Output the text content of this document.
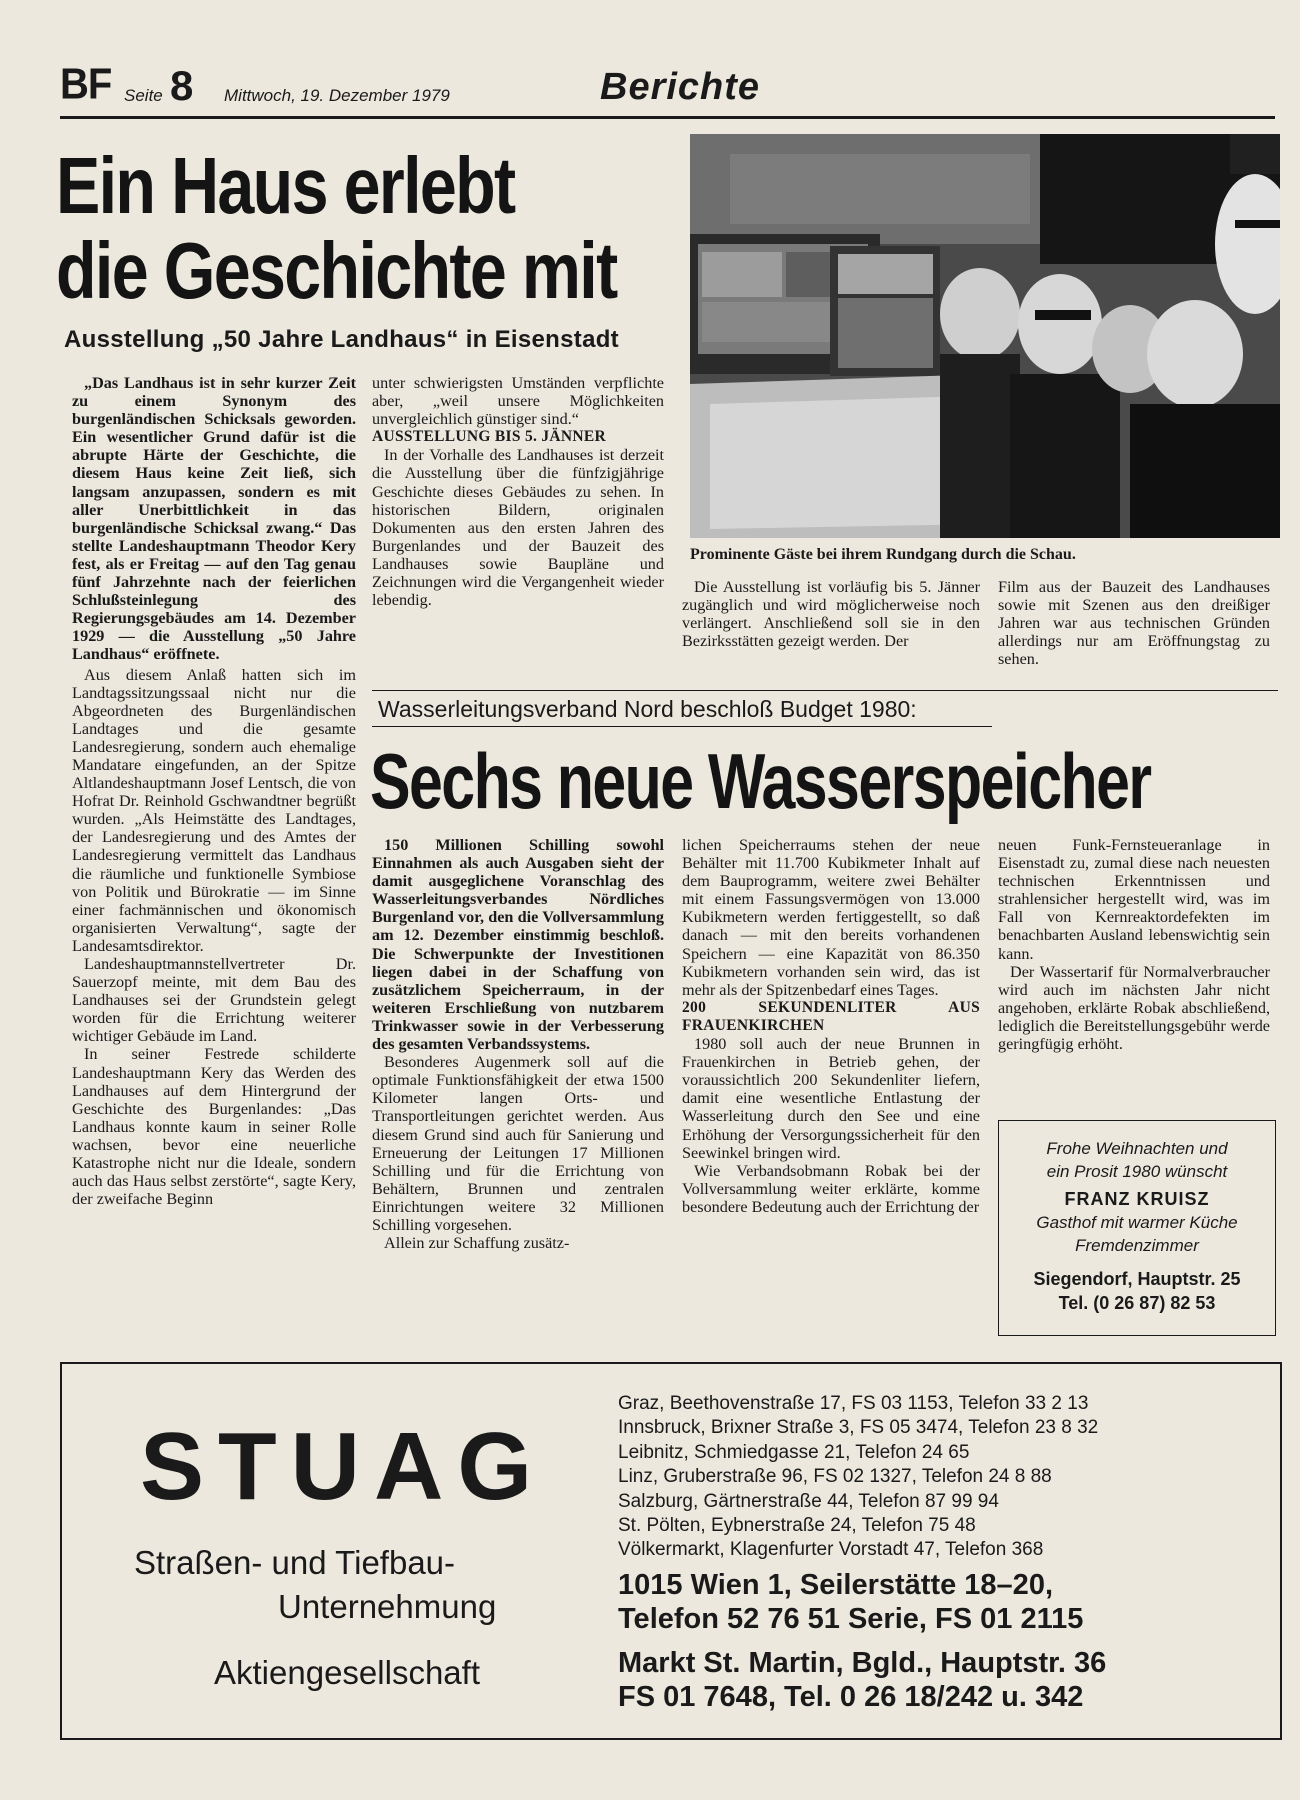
BF Seite 8 Mittwoch, 19. Dezember 1979	Berichte
Ein Haus erlebt
die Geschichte mit
Ausstellung „50 Jahre Landhaus“ in Eisenstadt

„Das Landhaus ist in sehr kurzer Zeit zu einem Synonym des burgenländischen Schicksals geworden. Ein wesentlicher Grund dafür ist die abrupte Härte der Geschichte, die diesem Haus keine Zeit ließ, sich langsam anzupassen, sondern es mit aller Unerbittlichkeit in das burgenländische Schicksal zwang.“ Das stellte Landeshauptmann Theodor Kery fest, als er Freitag — auf den Tag genau fünf Jahrzehnte nach der feierlichen Schlußsteinlegung des Regierungsgebäudes am 14. Dezember 1929 — die Ausstellung „50 Jahre Landhaus“ eröffnete.

Aus diesem Anlaß hatten sich im Landtagssitzungssaal nicht nur die Abgeordneten des Burgenländischen Landtages und die gesamte Landesregierung, sondern auch ehemalige Mandatare eingefunden, an der Spitze Altlandeshauptmann Josef Lentsch, die von Hofrat Dr. Reinhold Gschwandtner begrüßt wurden. „Als Heimstätte des Landtages, der Landesregierung und des Amtes der Landesregierung vermittelt das Landhaus die räumliche und funktionelle Symbiose von Politik und Bürokratie — im Sinne einer fachmännischen und ökonomisch organisierten Verwaltung“, sagte der Landesamtsdirektor.

Landeshauptmannstellvertreter Dr. Sauerzopf meinte, mit dem Bau des Landhauses sei der Grundstein gelegt worden für die Errichtung weiterer wichtiger Gebäude im Land.

In seiner Festrede schilderte Landeshauptmann Kery das Werden des Landhauses auf dem Hintergrund der Geschichte des Burgenlandes: „Das Landhaus konnte kaum in seiner Rolle wachsen, bevor eine neuerliche Katastrophe nicht nur die Ideale, sondern auch das Haus selbst zerstörte“, sagte Kery, der zweifache Beginn

unter schwierigsten Umständen verpflichte aber, „weil unsere Möglichkeiten unvergleichlich günstiger sind.“

AUSSTELLUNG BIS 5. JÄNNER

In der Vorhalle des Landhauses ist derzeit die Ausstellung über die fünfzigjährige Geschichte dieses Gebäudes zu sehen. In historischen Bildern, originalen Dokumenten aus den ersten Jahren des Burgenlandes und der Bauzeit des Landhauses sowie Baupläne und Zeichnungen wird die Vergangenheit wieder lebendig.

Prominente Gäste bei ihrem Rundgang durch die Schau.

Die Ausstellung ist vorläufig bis 5. Jänner zugänglich und wird möglicherweise noch verlängert. Anschließend soll sie in den Bezirksstätten gezeigt werden. Der

Film aus der Bauzeit des Landhauses sowie mit Szenen aus den dreißiger Jahren war aus technischen Gründen allerdings nur am Eröffnungstag zu sehen.

Wasserleitungsverband Nord beschloß Budget 1980:
Sechs neue Wasserspeicher

150 Millionen Schilling sowohl Einnahmen als auch Ausgaben sieht der damit ausgeglichene Voranschlag des Wasserleitungsverbandes Nördliches Burgenland vor, den die Vollversammlung am 12. Dezember einstimmig beschloß. Die Schwerpunkte der Investitionen liegen dabei in der Schaffung von zusätzlichem Speicherraum, in der weiteren Erschließung von nutzbarem Trinkwasser sowie in der Verbesserung des gesamten Verbandssystems.

Besonderes Augenmerk soll auf die optimale Funktionsfähigkeit der etwa 1500 Kilometer langen Orts- und Transportleitungen gerichtet werden. Aus diesem Grund sind auch für Sanierung und Erneuerung der Leitungen 17 Millionen Schilling und für die Errichtung von Behältern, Brunnen und zentralen Einrichtungen weitere 32 Millionen Schilling vorgesehen.

Allein zur Schaffung zusätz-

lichen Speicherraums stehen der neue Behälter mit 11.700 Kubikmeter Inhalt auf dem Bauprogramm, weitere zwei Behälter mit einem Fassungsvermögen von 13.000 Kubikmetern werden fertiggestellt, so daß danach — mit den bereits vorhandenen Speichern — eine Kapazität von 86.350 Kubikmetern vorhanden sein wird, das ist mehr als der Spitzenbedarf eines Tages.

200 SEKUNDENLITER AUS FRAUENKIRCHEN

1980 soll auch der neue Brunnen in Frauenkirchen in Betrieb gehen, der voraussichtlich 200 Sekundenliter liefern, damit eine wesentliche Entlastung der Wasserleitung durch den See und eine Erhöhung der Versorgungssicherheit für den Seewinkel bringen wird.

Wie Verbandsobmann Robak bei der Vollversammlung weiter erklärte, komme besondere Bedeutung auch der Errichtung der

neuen Funk-Fernsteueranlage in Eisenstadt zu, zumal diese nach neuesten technischen Erkenntnissen und strahlensicher hergestellt wird, was im Fall von Kernreaktordefekten im benachbarten Ausland lebenswichtig sein kann.

Der Wassertarif für Normalverbraucher wird auch im nächsten Jahr nicht angehoben, erklärte Robak abschließend, lediglich die Bereitstellungsgebühr werde geringfügig erhöht.

Frohe Weihnachten und
ein Prosit 1980 wünscht
FRANZ KRUISZ
Gasthof mit warmer Küche
Fremdenzimmer
Siegendorf, Hauptstr. 25
Tel. (0 26 87) 82 53
STUAG
Straßen- und Tiefbau-
Unternehmung
Aktiengesellschaft
Graz, Beethovenstraße 17, FS 03 1153, Telefon 33 2 13
Innsbruck, Brixner Straße 3, FS 05 3474, Telefon 23 8 32
Leibnitz, Schmiedgasse 21, Telefon 24 65
Linz, Gruberstraße 96, FS 02 1327, Telefon 24 8 88
Salzburg, Gärtnerstraße 44, Telefon 87 99 94
St. Pölten, Eybnerstraße 24, Telefon 75 48
Völkermarkt, Klagenfurter Vorstadt 47, Telefon 368
1015 Wien 1, Seilerstätte 18–20,
Telefon 52 76 51 Serie, FS 01 2115
Markt St. Martin, Bgld., Hauptstr. 36
FS 01 7648, Tel. 0 26 18/242 u. 342
